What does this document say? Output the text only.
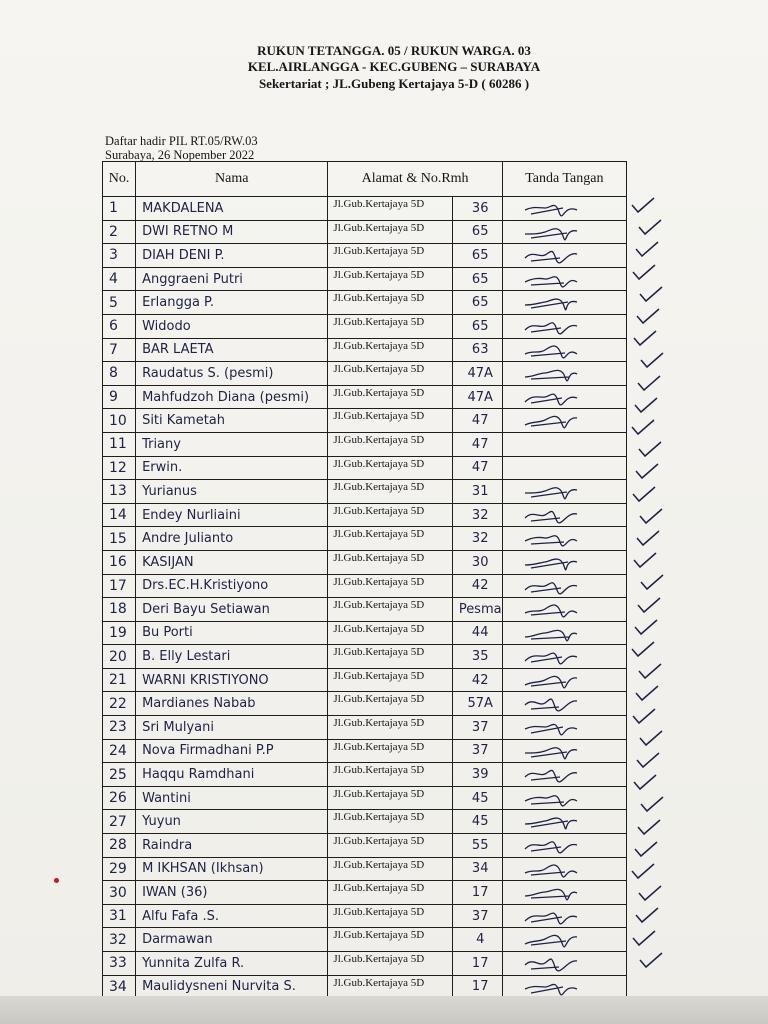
RUKUN TETANGGA. 05 / RUKUN WARGA. 03
KEL.AIRLANGGA - KEC.GUBENG – SURABAYA
Sekertariat ; JL.Gubeng Kertajaya 5-D ( 60286 )
Daftar hadir PIL RT.05/RW.03
Surabaya, 26 Nopember 2022
No.	Nama	Alamat & No.Rmh		Tanda Tangan
1	MAKDALENA	Jl.Gub.Kertajaya 5D	36	

2	DWI RETNO M	Jl.Gub.Kertajaya 5D	65	

3	DIAH DENI P.	Jl.Gub.Kertajaya 5D	65	

4	Anggraeni Putri	Jl.Gub.Kertajaya 5D	65	

5	Erlangga P.	Jl.Gub.Kertajaya 5D	65	

6	Widodo	Jl.Gub.Kertajaya 5D	65	

7	BAR LAETA	Jl.Gub.Kertajaya 5D	63	

8	Raudatus S. (pesmi)	Jl.Gub.Kertajaya 5D	47A	

9	Mahfudzoh Diana (pesmi)	Jl.Gub.Kertajaya 5D	47A	

10	Siti Kametah	Jl.Gub.Kertajaya 5D	47	

11	Triany	Jl.Gub.Kertajaya 5D	47	
12	Erwin.	Jl.Gub.Kertajaya 5D	47	
13	Yurianus	Jl.Gub.Kertajaya 5D	31	

14	Endey Nurliaini	Jl.Gub.Kertajaya 5D	32	

15	Andre Julianto	Jl.Gub.Kertajaya 5D	32	

16	KASIJAN	Jl.Gub.Kertajaya 5D	30	

17	Drs.EC.H.Kristiyono	Jl.Gub.Kertajaya 5D	42	

18	Deri Bayu Setiawan	Jl.Gub.Kertajaya 5D	Pesma	

19	Bu Porti	Jl.Gub.Kertajaya 5D	44	

20	B. Elly Lestari	Jl.Gub.Kertajaya 5D	35	

21	WARNI KRISTIYONO	Jl.Gub.Kertajaya 5D	42	

22	Mardianes Nabab	Jl.Gub.Kertajaya 5D	57A	

23	Sri Mulyani	Jl.Gub.Kertajaya 5D	37	

24	Nova Firmadhani P.P	Jl.Gub.Kertajaya 5D	37	

25	Haqqu Ramdhani	Jl.Gub.Kertajaya 5D	39	

26	Wantini	Jl.Gub.Kertajaya 5D	45	

27	Yuyun	Jl.Gub.Kertajaya 5D	45	

28	Raindra	Jl.Gub.Kertajaya 5D	55	

29	M IKHSAN (Ikhsan)	Jl.Gub.Kertajaya 5D	34	

30	IWAN (36)	Jl.Gub.Kertajaya 5D	17	

31	Alfu Fafa .S.	Jl.Gub.Kertajaya 5D	37	

32	Darmawan	Jl.Gub.Kertajaya 5D	4	

33	Yunnita Zulfa R.	Jl.Gub.Kertajaya 5D	17	

34	Maulidysneni Nurvita S.	Jl.Gub.Kertajaya 5D	17	
